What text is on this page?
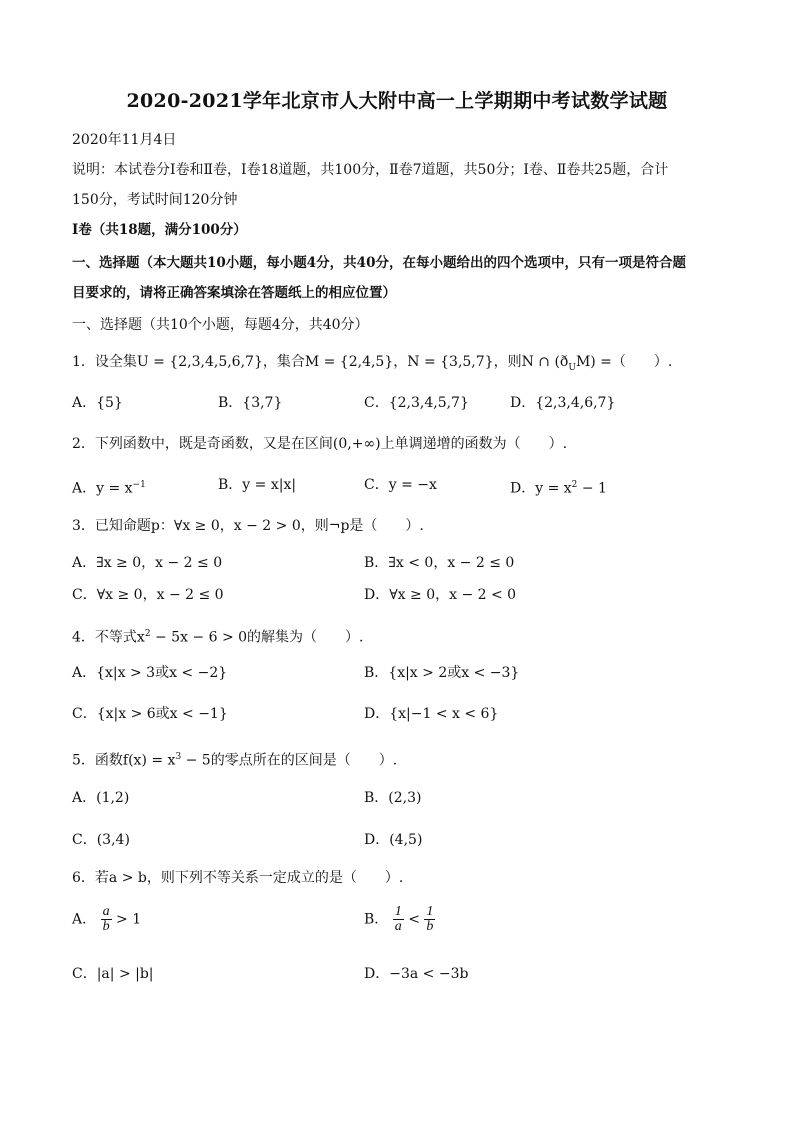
2020-2021学年北京市人大附中高一上学期期中考试数学试题
2020年11月4日
说明：本试卷分Ⅰ卷和Ⅱ卷，Ⅰ卷18道题，共100分，Ⅱ卷7道题，共50分；Ⅰ卷、Ⅱ卷共25题，合计
150分，考试时间120分钟
Ⅰ卷（共18题，满分100分）
一、选择题（本大题共10小题，每小题4分，共40分，在每小题给出的四个选项中，只有一项是符合题
目要求的，请将正确答案填涂在答题纸上的相应位置）
一、选择题（共10个小题，每题4分，共40分）
1．设全集U = {2,3,4,5,6,7}，集合M = {2,4,5}，N = {3,5,7}，则N ∩ $(ð_UM)$ =（　　）.
A．{5}	B．{3,7}	C．{2,3,4,5,7}	D．{2,3,4,6,7}
2．下列函数中，既是奇函数，又是在区间(0,+∞)上单调递增的函数为（　　）.
A．$y = x^{-1}$	B．y = x|x|	C．y = −x	D．$y = x^2 - 1$
3．已知命题p：∀x ≥ 0，x − 2 > 0，则¬p是（　　）.
A．∃x ≥ 0，x − 2 ≤ 0	B．∃x < 0，x − 2 ≤ 0
C．∀x ≥ 0，x − 2 ≤ 0	D．∀x ≥ 0，x − 2 < 0
4．不等式$x^2 - 5x - 6 > 0$的解集为（　　）.
A．{x|x > 3或x < −2}	B．{x|x > 2或x < −3}
C．{x|x > 6或x < −1}	D．{x|−1 < x < 6}
5．函数$f(x) = x^3 - 5$的零点所在的区间是（　　）.
A．(1,2)	B．(2,3)
C．(3,4)	D．(4,5)
6．若a > b，则下列不等关系一定成立的是（　　）.
A． $\frac{a}{b} > 1$	B． $\frac{1}{a} < \frac{1}{b}$
C．|a| > |b|	D．−3a < −3b
